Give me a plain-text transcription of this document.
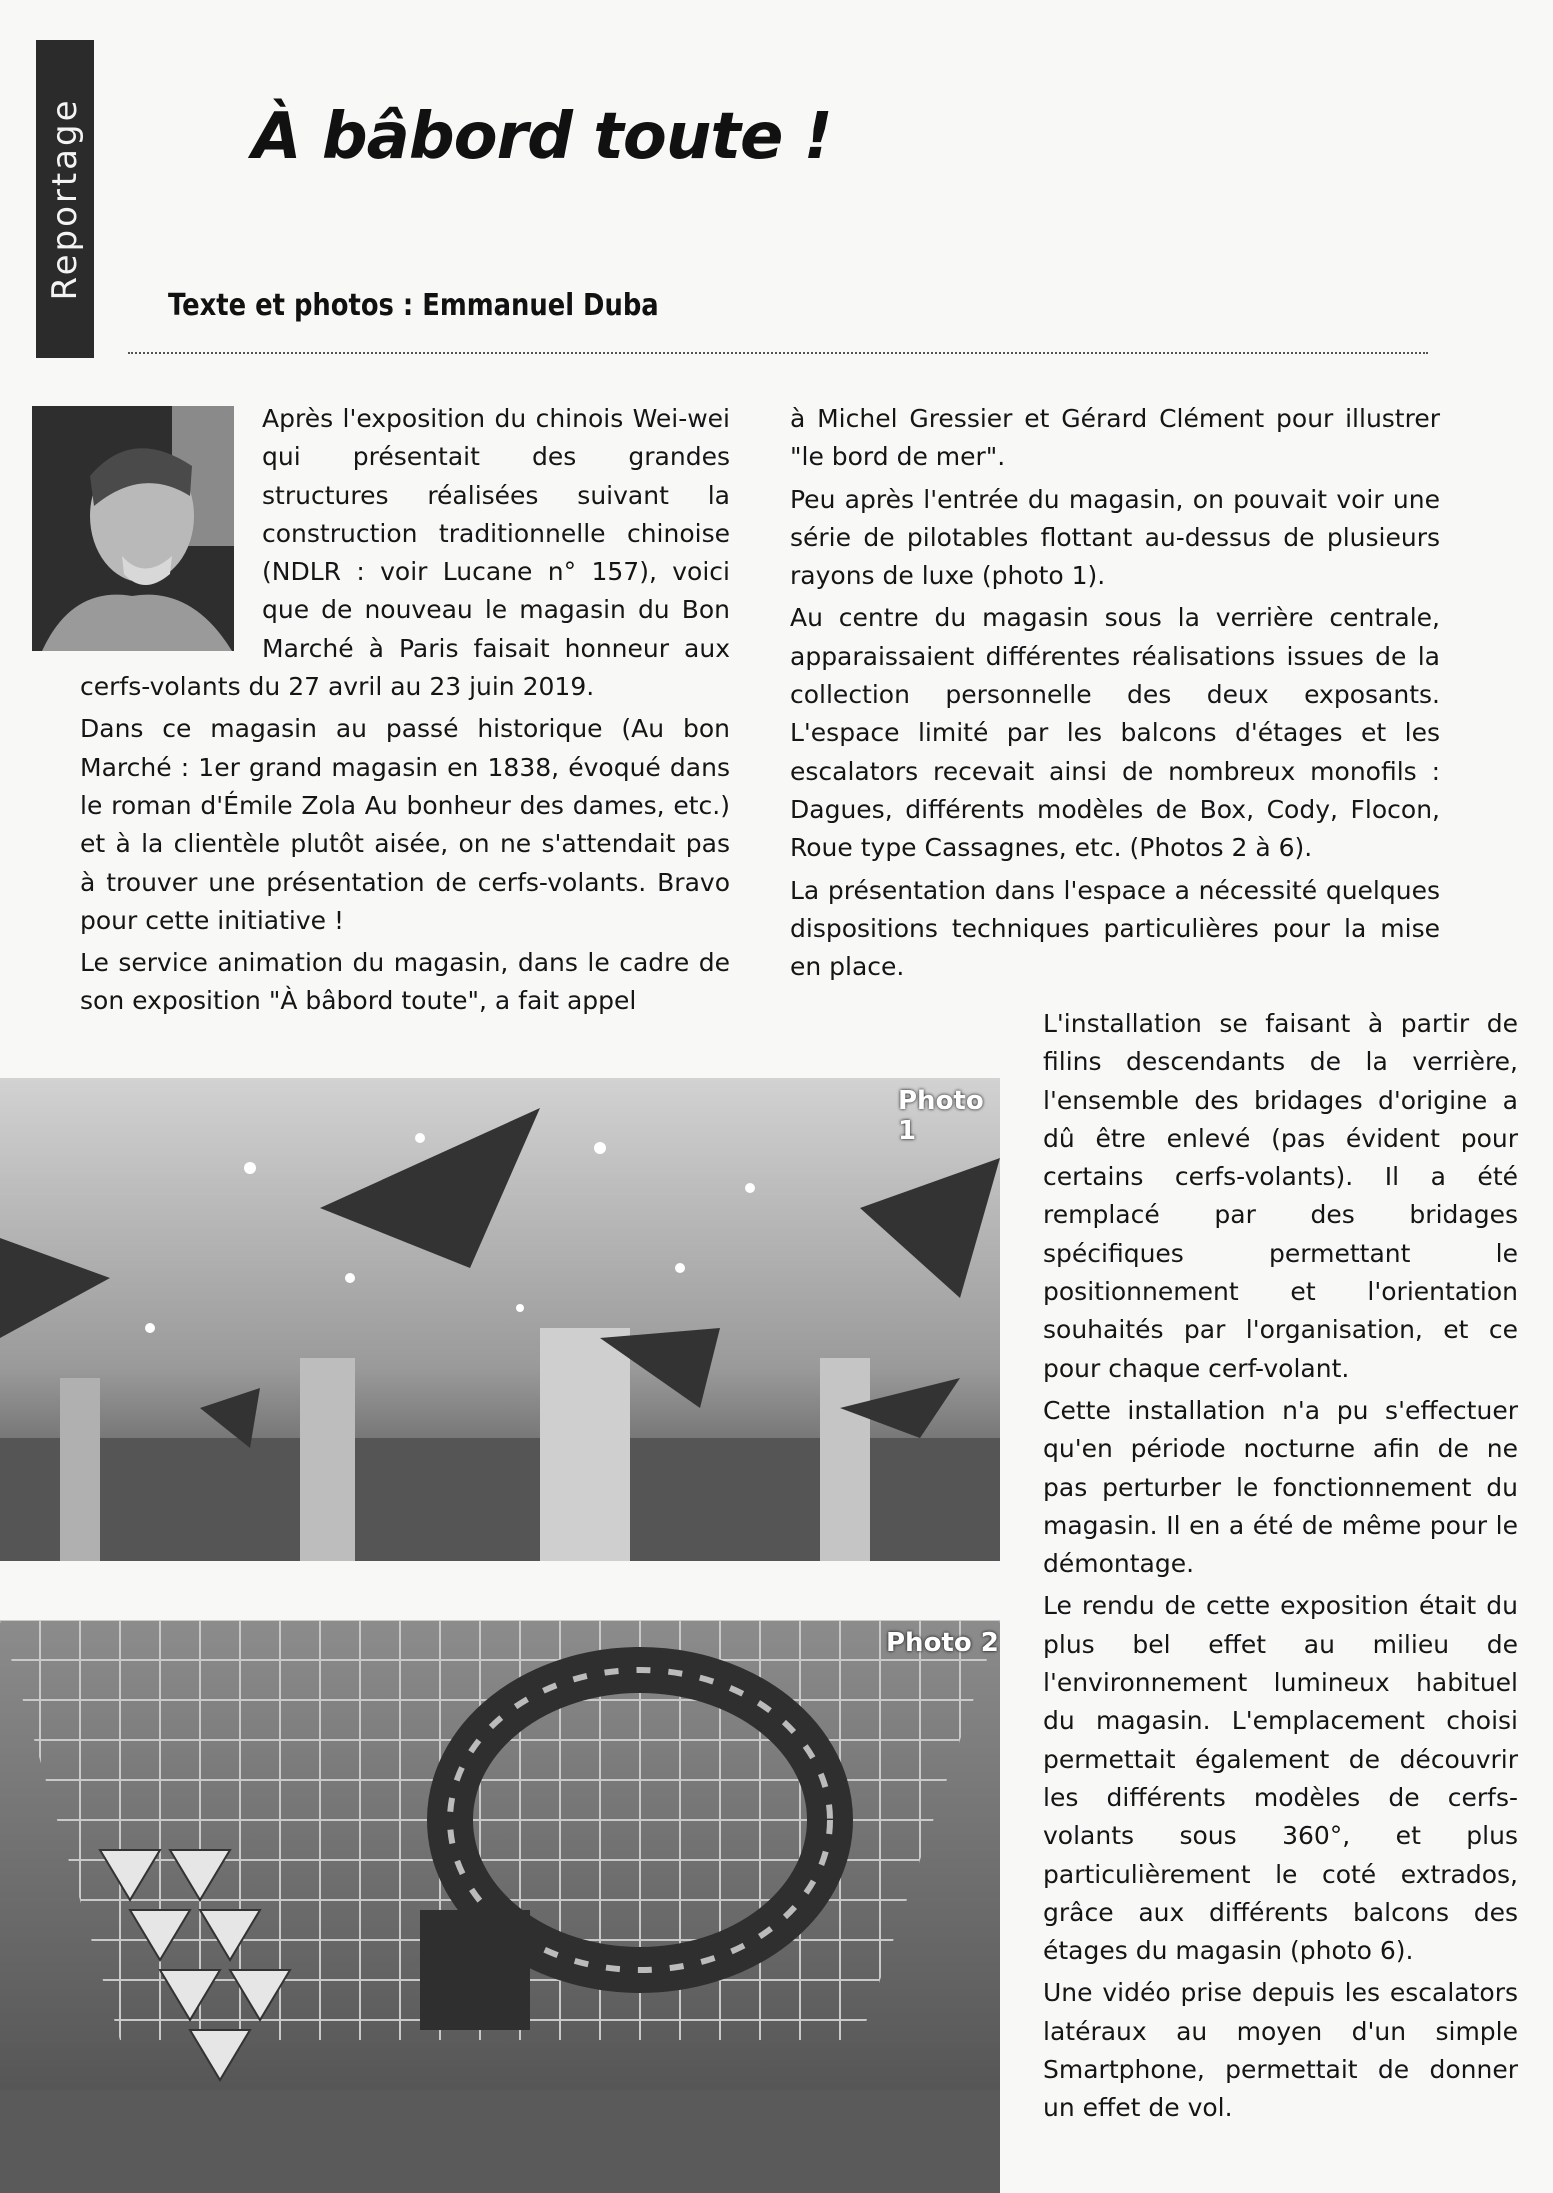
Reportage	À bâbord toute !
Texte et photos : Emmanuel Duba

Après l'exposition du chinois Wei-wei qui présentait des grandes structures réalisées suivant la construction traditionnelle chinoise (NDLR : voir Lucane n° 157), voici que de nouveau le magasin du Bon Marché à Paris faisait honneur aux cerfs-volants du 27 avril au 23 juin 2019.

Dans ce magasin au passé historique (Au bon Marché : 1er grand magasin en 1838, évoqué dans le roman d'Émile Zola Au bonheur des dames, etc.) et à la clientèle plutôt aisée, on ne s'attendait pas à trouver une présentation de cerfs-volants. Bravo pour cette initiative !

Le service animation du magasin, dans le cadre de son exposition "À bâbord toute", a fait appel

à Michel Gressier et Gérard Clément pour illustrer "le bord de mer".

Peu après l'entrée du magasin, on pouvait voir une série de pilotables flottant au-dessus de plusieurs rayons de luxe (photo 1).

Au centre du magasin sous la verrière centrale, apparaissaient différentes réalisations issues de la collection personnelle des deux exposants. L'espace limité par les balcons d'étages et les escalators recevait ainsi de nombreux monofils : Dagues, différents modèles de Box, Cody, Flocon, Roue type Cassagnes, etc. (Photos 2 à 6).

La présentation dans l'espace a nécessité quelques dispositions techniques particulières pour la mise en place.

L'installation se faisant à partir de filins descendants de la verrière, l'ensemble des bridages d'origine a dû être enlevé (pas évident pour certains cerfs-volants). Il a été remplacé par des bridages spécifiques permettant le positionnement et l'orientation souhaités par l'organisation, et ce pour chaque cerf-volant.

Cette installation n'a pu s'effectuer qu'en période nocturne afin de ne pas perturber le fonctionnement du magasin. Il en a été de même pour le démontage.

Le rendu de cette exposition était du plus bel effet au milieu de l'environnement lumineux habituel du magasin. L'emplacement choisi permettait également de découvrir les différents modèles de cerfs-volants sous 360°, et plus particulièrement le coté extrados, grâce aux différents balcons des étages du magasin (photo 6).

Une vidéo prise depuis les escalators latéraux au moyen d'un simple Smartphone, permettait de donner un effet de vol.

Photo 1
Photo 2
